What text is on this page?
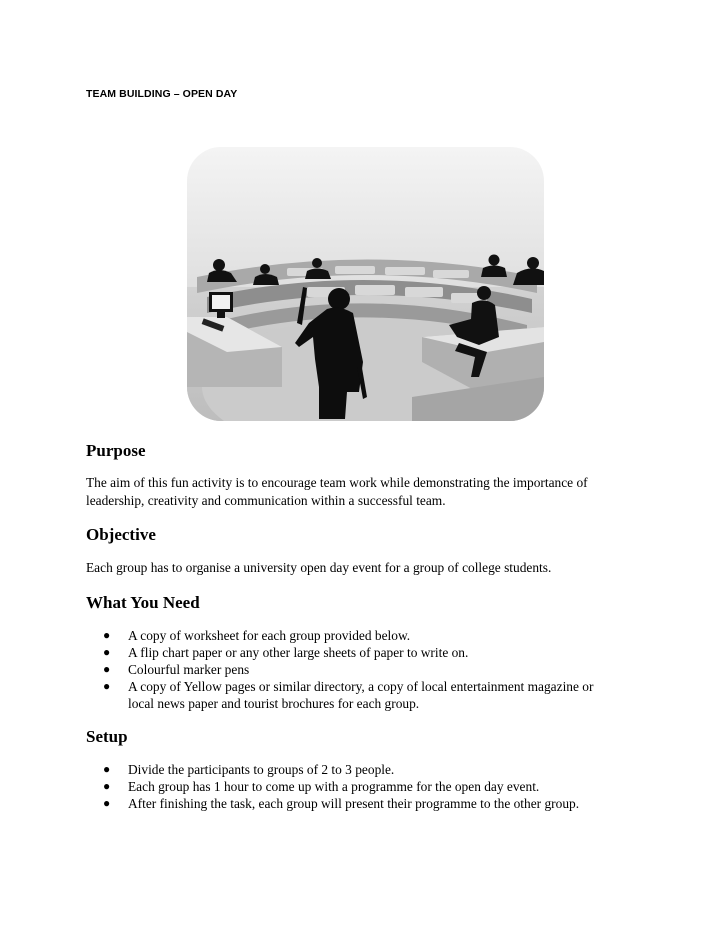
TEAM BUILDING – OPEN DAY
Purpose

The aim of this fun activity is to encourage team work while demonstrating the importance of
leadership, creativity and communication within a successful team.

Objective

Each group has to organise a university open day event for a group of college students.

What You Need
● A copy of worksheet for each group provided below.
● A flip chart paper or any other large sheets of paper to write on.
● Colourful marker pens
● A copy of Yellow pages or similar directory, a copy of local entertainment magazine or
local news paper and tourist brochures for each group.
Setup
● Divide the participants to groups of 2 to 3 people.
● Each group has 1 hour to come up with a programme for the open day event.
● After finishing the task, each group will present their programme to the other group.
